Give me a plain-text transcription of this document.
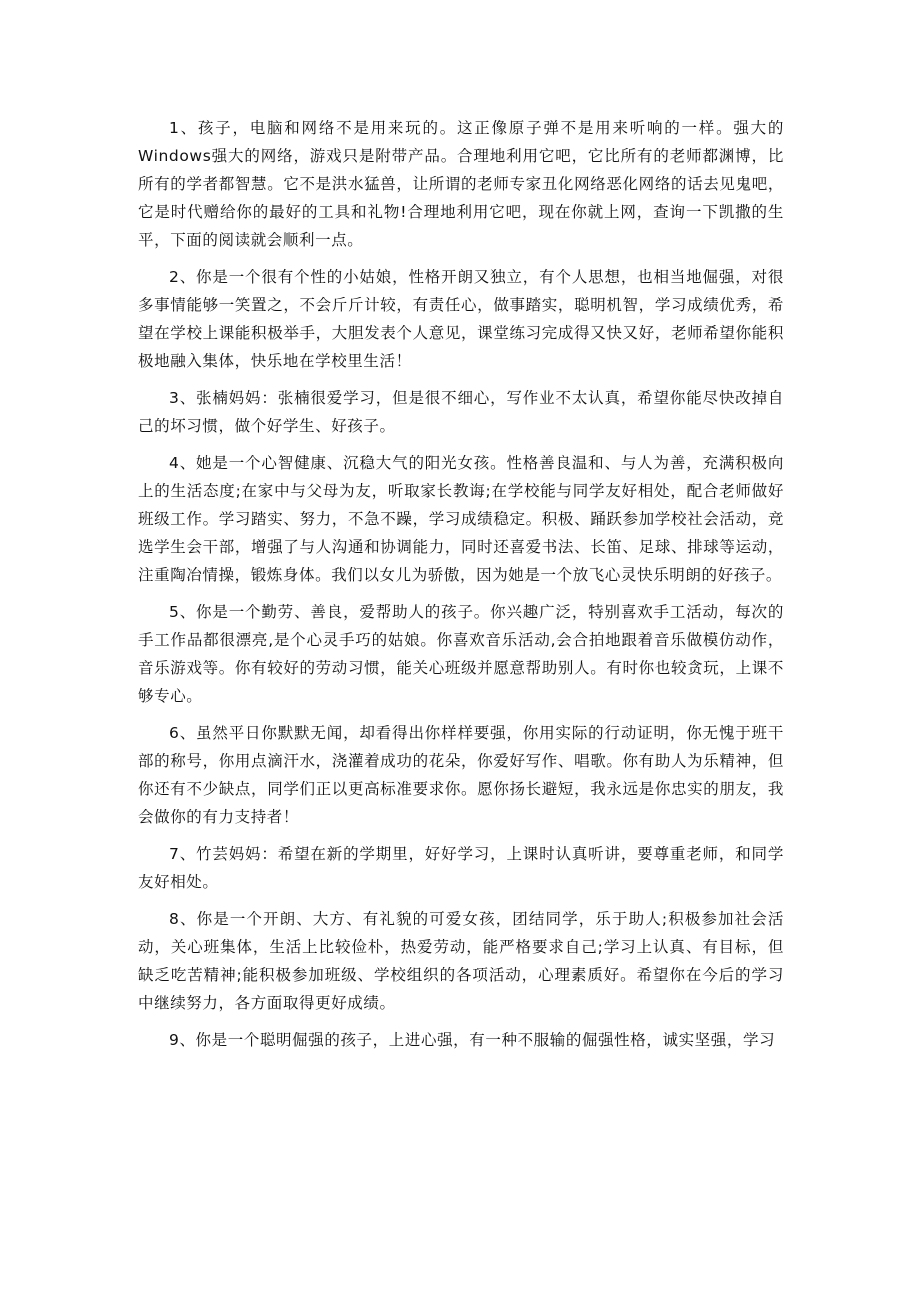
1、孩子，电脑和网络不是用来玩的。这正像原子弹不是用来听响的一样。强大的Windows强大的网络，游戏只是附带产品。合理地利用它吧，它比所有的老师都渊博，比所有的学者都智慧。它不是洪水猛兽，让所谓的老师专家丑化网络恶化网络的话去见鬼吧，它是时代赠给你的最好的工具和礼物!合理地利用它吧，现在你就上网，查询一下凯撒的生平，下面的阅读就会顺利一点。

2、你是一个很有个性的小姑娘，性格开朗又独立，有个人思想，也相当地倔强，对很多事情能够一笑置之，不会斤斤计较，有责任心，做事踏实，聪明机智，学习成绩优秀，希望在学校上课能积极举手，大胆发表个人意见，课堂练习完成得又快又好，老师希望你能积极地融入集体，快乐地在学校里生活！

3、张楠妈妈：张楠很爱学习，但是很不细心，写作业不太认真，希望你能尽快改掉自己的坏习惯，做个好学生、好孩子。

4、她是一个心智健康、沉稳大气的阳光女孩。性格善良温和、与人为善，充满积极向上的生活态度;在家中与父母为友，听取家长教诲;在学校能与同学友好相处，配合老师做好班级工作。学习踏实、努力，不急不躁，学习成绩稳定。积极、踊跃参加学校社会活动，竞选学生会干部，增强了与人沟通和协调能力，同时还喜爱书法、长笛、足球、排球等运动，注重陶冶情操，锻炼身体。我们以女儿为骄傲，因为她是一个放飞心灵快乐明朗的好孩子。

5、你是一个勤劳、善良，爱帮助人的孩子。你兴趣广泛，特别喜欢手工活动，每次的手工作品都很漂亮,是个心灵手巧的姑娘。你喜欢音乐活动,会合拍地跟着音乐做模仿动作，音乐游戏等。你有较好的劳动习惯，能关心班级并愿意帮助别人。有时你也较贪玩，上课不够专心。

6、虽然平日你默默无闻，却看得出你样样要强，你用实际的行动证明，你无愧于班干部的称号，你用点滴汗水，浇灌着成功的花朵，你爱好写作、唱歌。你有助人为乐精神，但你还有不少缺点，同学们正以更高标准要求你。愿你扬长避短，我永远是你忠实的朋友，我会做你的有力支持者！

7、竹芸妈妈：希望在新的学期里，好好学习，上课时认真听讲，要尊重老师，和同学友好相处。

8、你是一个开朗、大方、有礼貌的可爱女孩，团结同学，乐于助人;积极参加社会活动，关心班集体，生活上比较俭朴，热爱劳动，能严格要求自己;学习上认真、有目标，但缺乏吃苦精神;能积极参加班级、学校组织的各项活动，心理素质好。希望你在今后的学习中继续努力，各方面取得更好成绩。

9、你是一个聪明倔强的孩子，上进心强，有一种不服输的倔强性格，诚实坚强，学习
